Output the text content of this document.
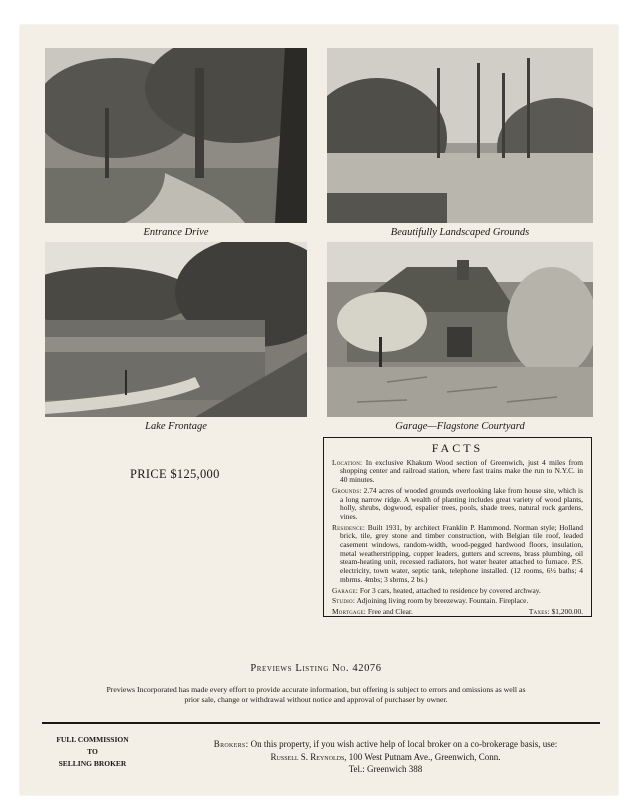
Entrance Drive	Beautifully Landscaped Grounds
Lake Frontage	Garage—Flagstone Courtyard
PRICE $125,000
FACTS

Location: In exclusive Khakum Wood section of Greenwich, just 4 miles from shopping center and railroad station, where fast trains make the run to N.Y.C. in 40 minutes.

Grounds: 2.74 acres of wooded grounds overlooking lake from house site, which is a long narrow ridge. A wealth of planting includes great variety of wood plants, holly, shrubs, dogwood, espalier trees, pools, shade trees, natural rock gardens, vines.

Residence: Built 1931, by architect Franklin P. Hammond. Norman style; Holland brick, tile, grey stone and timber construction, with Belgian tile roof, leaded casement windows, random-width, wood-pegged hardwood floors, insulation, metal weatherstripping, copper leaders, gutters and screens, brass plumbing, oil steam-heating unit, recessed radiators, hot water heater attached to furnace. P.S. electricity, town water, septic tank, telephone installed. (12 rooms, 6½ baths; 4 mbrms. 4mbs; 3 sbrms, 2 bs.)

Garage: For 3 cars, heated, attached to residence by covered archway.

Studio: Adjoining living room by breezeway. Fountain. Fireplace.

Mortgage: Free and Clear.	Taxes: $1,200.00.
Previews Listing No. 42076
Previews Incorporated has made every effort to provide accurate information, but offering is subject to errors and omissions as well as prior sale, change or withdrawal without notice and approval of purchaser by owner.
FULL COMMISSION
TO
SELLING BROKER
Brokers: On this property, if you wish active help of local broker on a co-brokerage basis, use:
Russell S. Reynolds, 100 West Putnam Ave., Greenwich, Conn.
Tel.: Greenwich 388
